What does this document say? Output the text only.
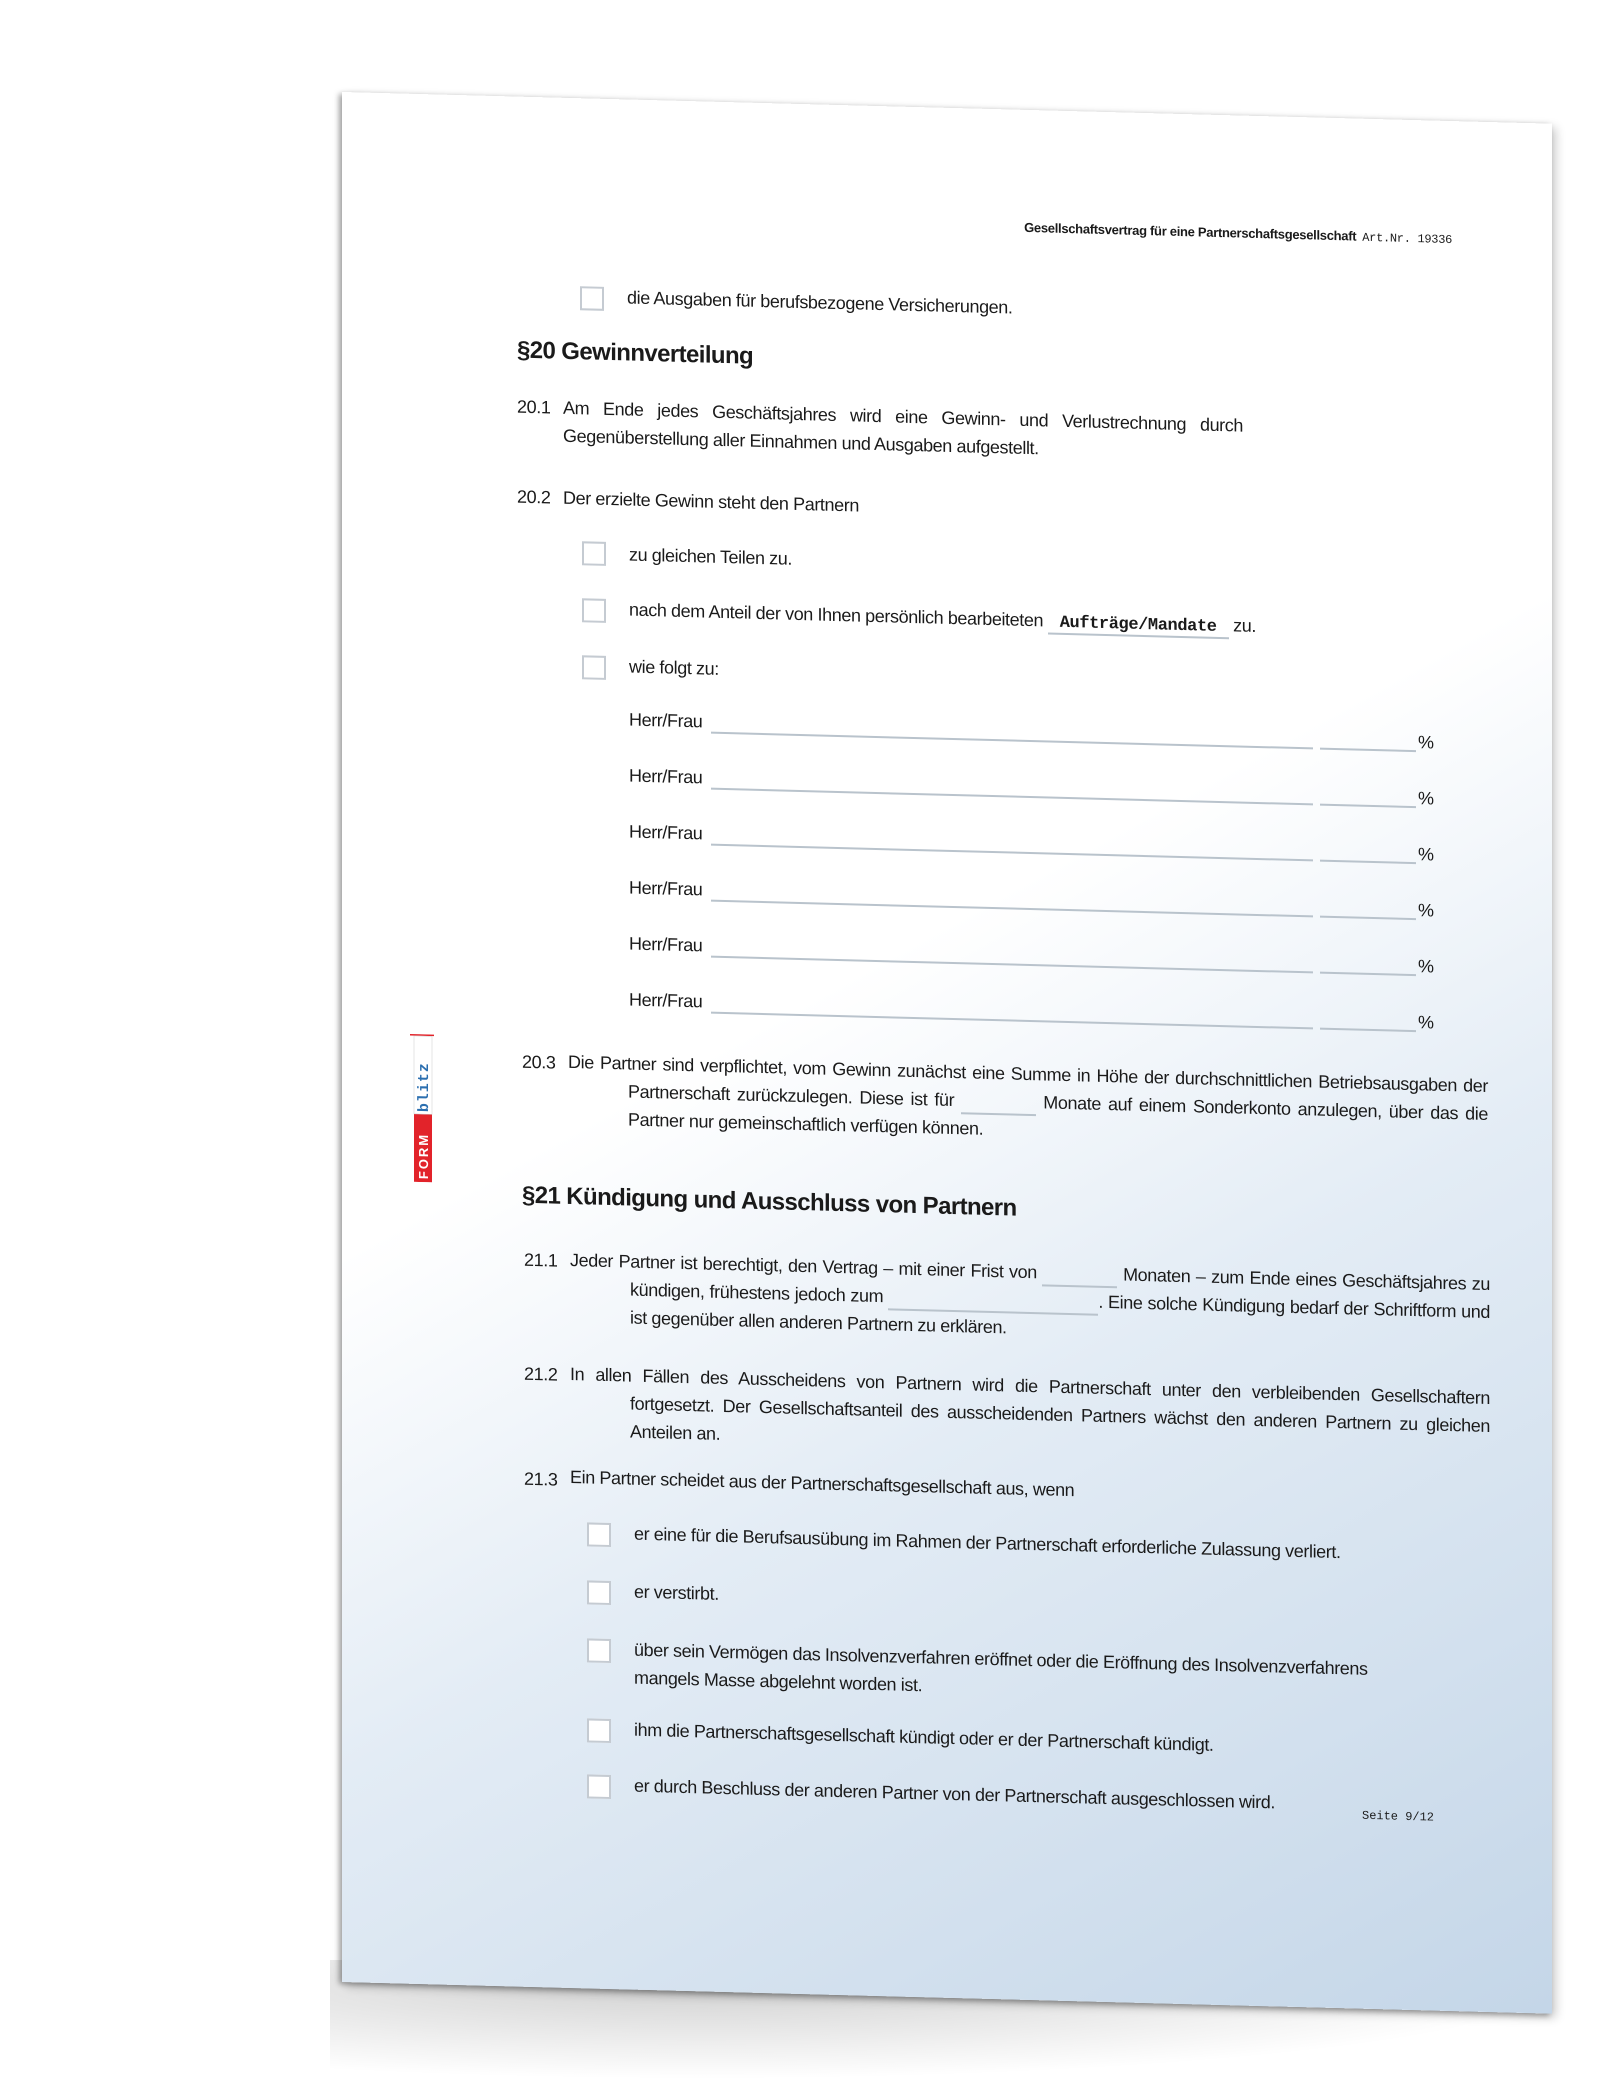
Gesellschaftsvertrag für eine Partnerschaftsgesellschaft Art.Nr. 19336
die Ausgaben für berufsbezogene Versicherungen.
§20 Gewinnverteilung
20.1 Am Ende jedes Geschäftsjahres wird eine Gewinn- und Verlustrechnung durch Gegenüberstellung aller Einnahmen und Ausgaben aufgestellt.
20.2 Der erzielte Gewinn steht den Partnern
zu gleichen Teilen zu.
nach dem Anteil der von Ihnen persönlich bearbeiteten Aufträge/Mandate zu.
wie folgt zu:
Herr/Frau
%
Herr/Frau
%
Herr/Frau
%
Herr/Frau
%
Herr/Frau
%
Herr/Frau
%
20.3 Die Partner sind verpflichtet, vom Gewinn zunächst eine Summe in Höhe der durchschnittlichen Betriebsausgaben der Partnerschaft zurückzulegen. Diese ist für	Monate auf einem Sonderkonto anzulegen, über das die Partner nur gemeinschaftlich verfügen können.
FORM
blitz
§21 Kündigung und Ausschluss von Partnern
21.1 Jeder Partner ist berechtigt, den Vertrag – mit einer Frist von	Monaten – zum Ende eines Geschäftsjahres zu kündigen, frühestens jedoch zum	. Eine solche Kündigung bedarf der Schriftform und ist gegenüber allen anderen Partnern zu erklären.
21.2 In allen Fällen des Ausscheidens von Partnern wird die Partnerschaft unter den verbleibenden Gesellschaftern fortgesetzt. Der Gesellschaftsanteil des ausscheidenden Partners wächst den anderen Partnern zu gleichen Anteilen an.
21.3 Ein Partner scheidet aus der Partnerschaftsgesellschaft aus, wenn
er eine für die Berufsausübung im Rahmen der Partnerschaft erforderliche Zulassung verliert.
er verstirbt.
über sein Vermögen das Insolvenzverfahren eröffnet oder die Eröffnung des Insolvenzverfahrens mangels Masse abgelehnt worden ist.
ihm die Partnerschaftsgesellschaft kündigt oder er der Partnerschaft kündigt.
er durch Beschluss der anderen Partner von der Partnerschaft ausgeschlossen wird.
Seite 9/12
